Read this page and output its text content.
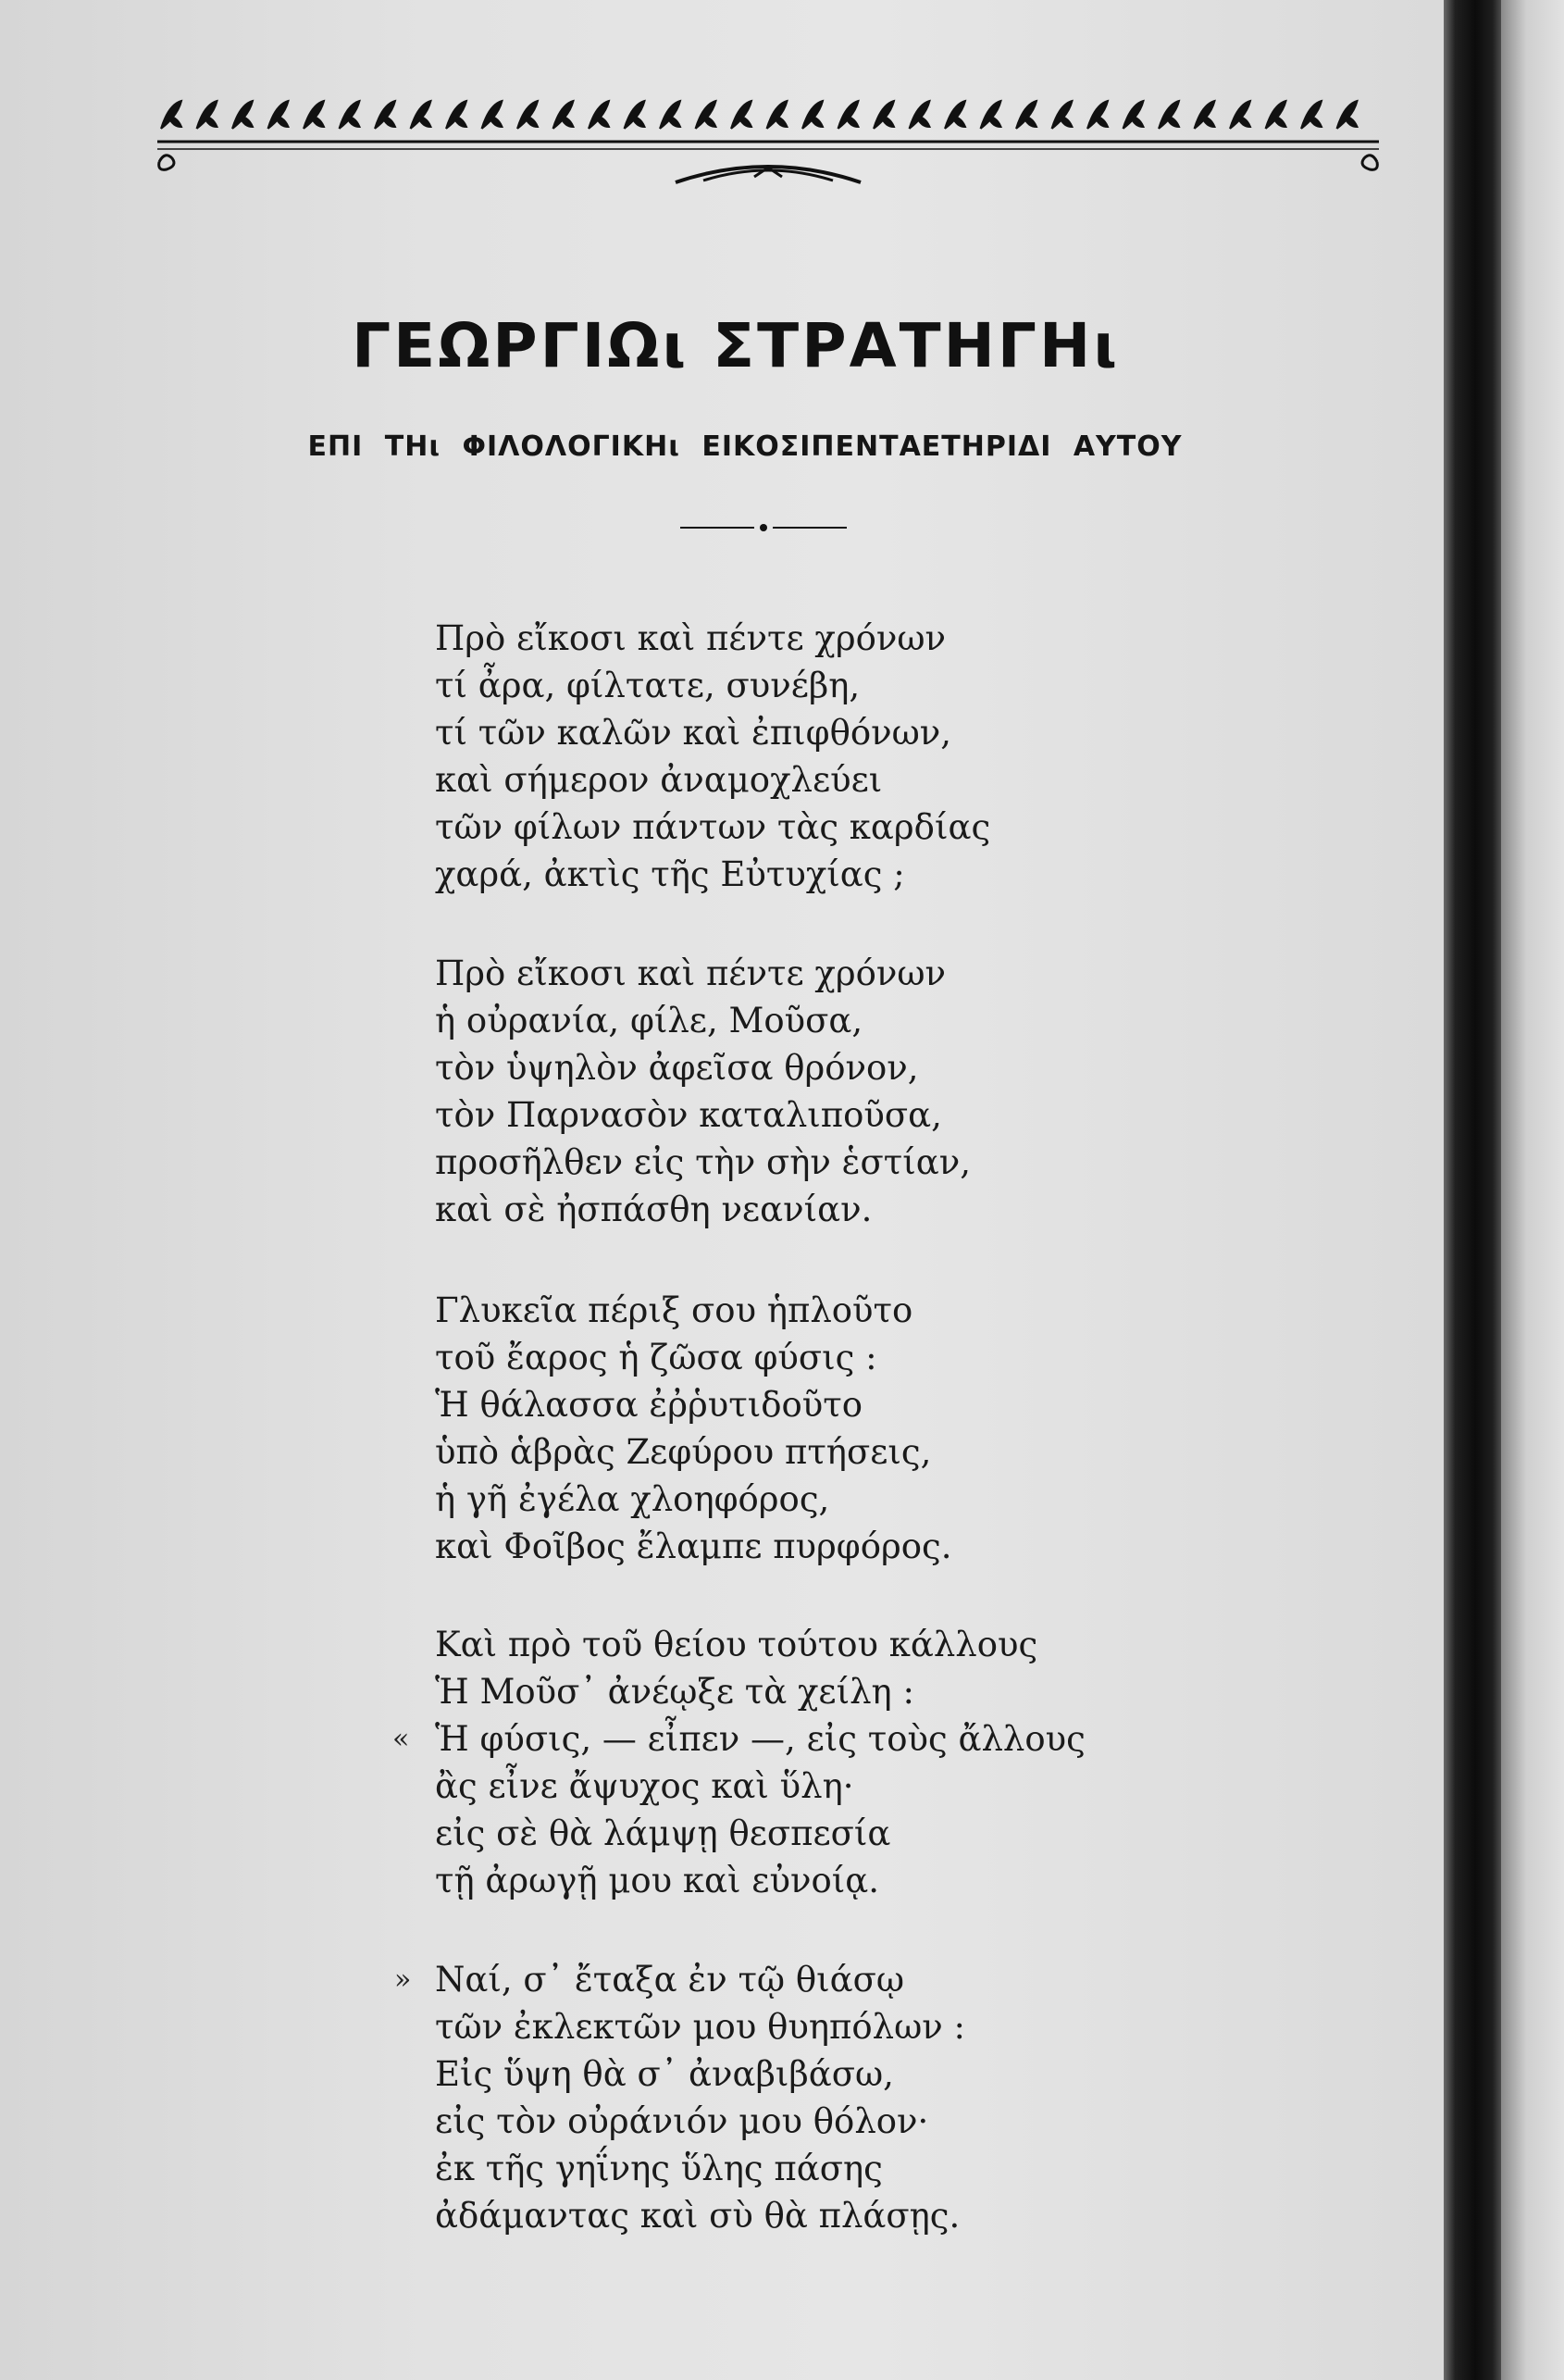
ΓΕΩΡΓΙΩι ΣΤΡΑΤΗΓΗι
ΕΠΙ ΤΗι ΦΙΛΟΛΟΓΙΚΗι ΕΙΚΟΣΙΠΕΝΤΑΕΤΗΡΙΔΙ ΑΥΤΟΥ
Πρὸ εἴκοσι καὶ πέντε χρόνων
τί ἆρα, φίλτατε, συνέβη,
τί τῶν καλῶν καὶ ἐπιφθόνων,
καὶ σήμερον ἀναμοχλεύει
τῶν φίλων πάντων τὰς καρδίας
χαρά, ἀκτὶς τῆς Εὐτυχίας ;
Πρὸ εἴκοσι καὶ πέντε χρόνων
ἡ οὐρανία, φίλε, Μοῦσα,
τὸν ὑψηλὸν ἀφεῖσα θρόνον,
τὸν Παρνασὸν καταλιποῦσα,
προσῆλθεν εἰς τὴν σὴν ἑστίαν,
καὶ σὲ ἠσπάσθη νεανίαν.
Γλυκεῖα πέριξ σου ἡπλοῦτο
τοῦ ἔαρος ἡ ζῶσα φύσις :
Ἡ θάλασσα ἐῤῥυτιδοῦτο
ὑπὸ ἁβρὰς Ζεφύρου πτήσεις,
ἡ γῆ ἐγέλα χλοηφόρος,
καὶ Φοῖβος ἔλαμπε πυρφόρος.
Καὶ πρὸ τοῦ θείου τούτου κάλλους
Ἡ Μοῦσ᾽ ἀνέῳξε τὰ χείλη :
Ἡ φύσις, — εἶπεν —, εἰς τοὺς ἄλλους
«
ἂς εἶνε ἄψυχος καὶ ὕλη·
εἰς σὲ θὰ λάμψῃ θεσπεσία
τῇ ἀρωγῇ μου καὶ εὐνοίᾳ.
Ναί, σ᾽ ἔταξα ἐν τῷ θιάσῳ
»
τῶν ἐκλεκτῶν μου θυηπόλων :
Εἰς ὕψη θὰ σ᾽ ἀναβιβάσω,
εἰς τὸν οὐράνιόν μου θόλον·
ἐκ τῆς γηΐνης ὕλης πάσης
ἀδάμαντας καὶ σὺ θὰ πλάσῃς.
